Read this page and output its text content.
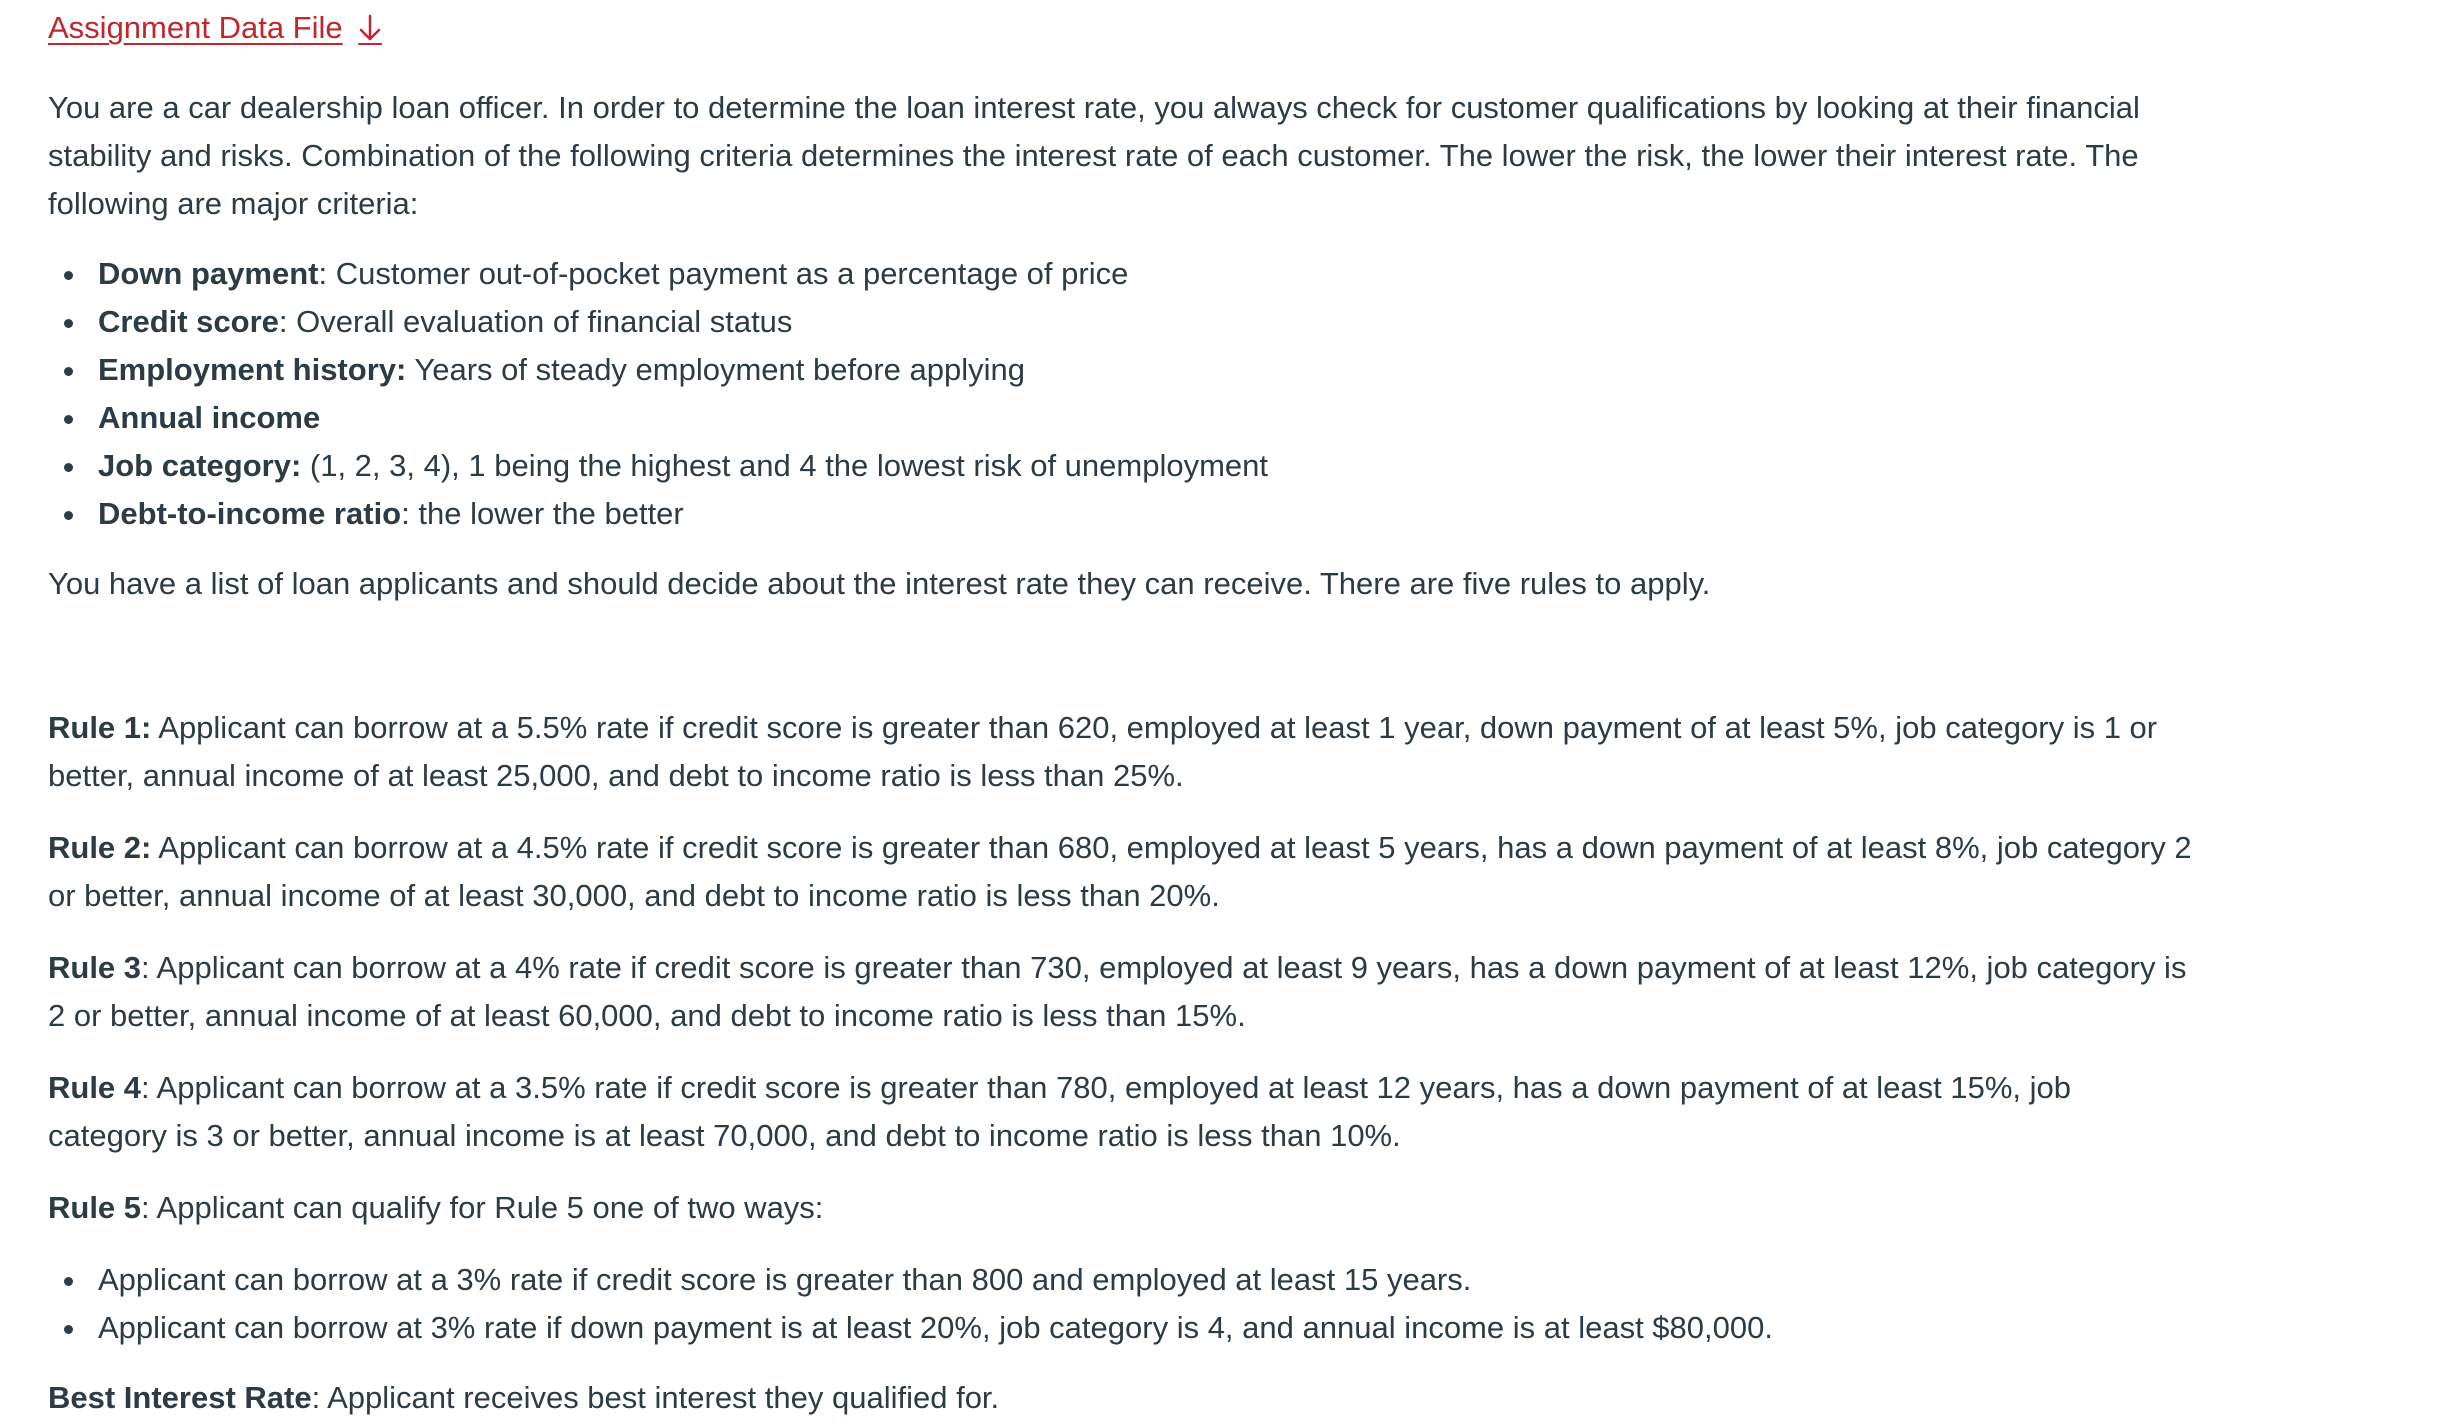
Assignment Data File

You are a car dealership loan officer. In order to determine the loan interest rate, you always check for customer qualifications by looking at their financial stability and risks. Combination of the following criteria determines the interest rate of each customer. The lower the risk, the lower their interest rate. The following are major criteria:

Down payment: Customer out-of-pocket payment as a percentage of price
Credit score: Overall evaluation of financial status
Employment history: Years of steady employment before applying
Annual income
Job category: (1, 2, 3, 4), 1 being the highest and 4 the lowest risk of unemployment
Debt-to-income ratio: the lower the better

You have a list of loan applicants and should decide about the interest rate they can receive. There are five rules to apply.

Rule 1: Applicant can borrow at a 5.5% rate if credit score is greater than 620, employed at least 1 year, down payment of at least 5%, job category is 1 or better, annual income of at least 25,000, and debt to income ratio is less than 25%.

Rule 2: Applicant can borrow at a 4.5% rate if credit score is greater than 680, employed at least 5 years, has a down payment of at least 8%, job category 2 or better, annual income of at least 30,000, and debt to income ratio is less than 20%.

Rule 3: Applicant can borrow at a 4% rate if credit score is greater than 730, employed at least 9 years, has a down payment of at least 12%, job category is 2 or better, annual income of at least 60,000, and debt to income ratio is less than 15%.

Rule 4: Applicant can borrow at a 3.5% rate if credit score is greater than 780, employed at least 12 years, has a down payment of at least 15%, job category is 3 or better, annual income is at least 70,000, and debt to income ratio is less than 10%.

Rule 5: Applicant can qualify for Rule 5 one of two ways:

Applicant can borrow at a 3% rate if credit score is greater than 800 and employed at least 15 years.
Applicant can borrow at 3% rate if down payment is at least 20%, job category is 4, and annual income is at least $80,000.

Best Interest Rate: Applicant receives best interest they qualified for.
